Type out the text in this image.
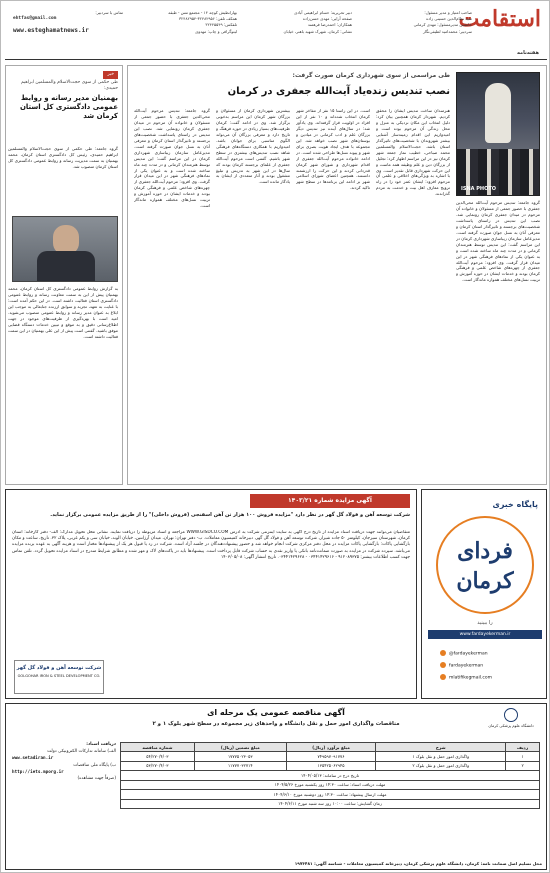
استقامت
هفته‌نامه
صاحب امتیاز و مدیر مسئول:
سید نظام‌الدین حسینی زاده
جانشین مدیرمسئول: مهدی کرمانی
سردبیر: محمدامید لطیفی‌نگار
دبیر تحریریه: حسام ابراهیمی آبادی
صفحه آرایی: مهدی حسن‌زاده
همکاران: احمدرضا فرهمند
نشانی: کرمان، شهرک شهید باهنر، خیابان
بهارانطیش کوچه ۱۴ - مجتمع مس - طبقه
همکف تلفن: ۳۲۴۸۲۹۵۶-۳۲۴۸۲۹۵۴
تلفکس: ۳۲۴۴۵۵۴۹
لیتوگرافی و چاپ: مهدوی
تماس با سردبیر:
ehtfas@gmail.com
www.esteghamatnews.ir
ISNA PHOTO
طی مراسمی از سوی شهرداری کرمان صورت گرفت:
نصب تندیس زنده‌یاد آیت‌الله جعفری در کرمان
گروه جامعه: تندیس مرحوم آیت‌الله محی‌الدین جعفری با حضور جمعی از مسئولان و خانواده آن مرحوم در میدان جعفری کرمان رونمایی شد. نصب این تندیس در راستای پاسداشت شخصیت‌های برجسته و تاثیرگذار استان کرمان و معرفی آنان به نسل جوان صورت گرفته است. مدیرعامل سازمان زیباسازی شهرداری کرمان در این مراسم گفت: این تندیس توسط هنرمندان کرمانی و در مدت چند ماه ساخته شده است و به عنوان یکی از نمادهای فرهنگی شهر در این میدان قرار گرفت. وی افزود: مرحوم آیت‌الله جعفری از چهره‌های شاخص علمی و فرهنگی کرمان بودند و خدمات ایشان در حوزه آموزش و تربیت نسل‌های مختلف همواره ماندگار است.
هنرمندان ساخت تندیس ایشان را محقق کردیم. شهردار کرمان همچنین بیان کرد: دلیل انتخاب این مکان نزدیکی به منزل و محل زندگی آن مرحوم بوده است و امیدواریم این اقدام زمینه‌ساز آشنایی بیشتر شهروندان با شخصیت‌های تاثیرگذار استان باشد. حجت‌الاسلام والمسلمین محمد صباحی، خطیب نماز جمعه شهر کرمان نیز در این مراسم اظهار کرد: تجلیل از بزرگان دین و علم وظیفه همه ماست و این حرکت شهرداری قابل تقدیر است. وی با اشاره به ویژگی‌های اخلاقی و علمی آن مرحوم افزود: ایشان عمر خود را در راه ترویج معارف اهل بیت و خدمت به مردم گذراندند.
است. در این راستا ۱۵ نفر از مفاخر شهر کرمان انتخاب شده‌اند و ۱۰ نفر از این افراد در اولویت قرار گرفته‌اند. وی یادآور شد: در سال‌های آینده نیز تندیس دیگر بزرگان علم و ادب کرمانی در میادین و بوستان‌های شهر نصب خواهد شد. این مجموعه با هدف ایجاد هویت بصری برای شهر و پیوند نسل‌ها طراحی شده است. در ادامه خانواده مرحوم آیت‌الله جعفری از اقدام شهرداری و شورای شهر کرمان قدردانی کردند و این حرکت را ارزشمند دانستند. همچنین اعضای شورای اسلامی شهر بر ادامه این برنامه‌ها در سطح شهر تاکید کردند.
بیشترین شهرداری کرمان از مسئولان و بزرگان شهر کرمان این مراسم به‌خوبی برگزار شد. وی در ادامه گفت: کرمان ظرفیت‌های بسیار زیادی در حوزه فرهنگ و تاریخ دارد و معرفی بزرگان آن می‌تواند الگوی مناسبی برای جوانان باشد. امیدواریم با همکاری دستگاه‌های فرهنگی شاهد نصب تندیس‌های بیشتری در سطح شهر باشیم. گفتنی است مرحوم آیت‌الله جعفری از علمای برجسته کرمان بودند که سال‌ها در این شهر به تدریس و تبلیغ مشغول بودند و آثار متعددی از ایشان به یادگار مانده است.
گروه جامعه: تندیس مرحوم آیت‌الله محی‌الدین جعفری با حضور جمعی از مسئولان و خانواده آن مرحوم در میدان جعفری کرمان رونمایی شد. نصب این تندیس در راستای پاسداشت شخصیت‌های برجسته و تاثیرگذار استان کرمان و معرفی آنان به نسل جوان صورت گرفته است. مدیرعامل سازمان زیباسازی شهرداری کرمان در این مراسم گفت: این تندیس توسط هنرمندان کرمانی و در مدت چند ماه ساخته شده است و به عنوان یکی از نمادهای فرهنگی شهر در این میدان قرار گرفت. وی افزود: مرحوم آیت‌الله جعفری از چهره‌های شاخص علمی و فرهنگی کرمان بودند و خدمات ایشان در حوزه آموزش و تربیت نسل‌های مختلف همواره ماندگار است.
خبر
طی حکمی از سوی حجت‌الاسلام والمسلمین ابراهیم حمیدی:
بهمنیان مدیر رسانه و روابط عمومی دادگستری کل استان کرمان شد
گروه جامعه: طی حکمی از سوی حجت‌الاسلام والمسلمین ابراهیم حمیدی، رئیس کل دادگستری استان کرمان، محمد بهمنیان به سمت مدیریت رسانه و روابط عمومی دادگستری کل استان کرمان منصوب شد.
به گزارش روابط عمومی دادگستری کل استان کرمان، محمد بهمنیان پیش از این به سمت معاونت رسانه و روابط عمومی دادگستری استان فعالیت داشته است. در این حکم آمده است: با عنایت به تعهد، تجربه و سوابق ارزنده جنابعالی به موجب این ابلاغ به عنوان مدیر رسانه و روابط عمومی منصوب می‌شوید. امید است با بهره‌گیری از ظرفیت‌های موجود در جهت اطلاع‌رسانی دقیق و به موقع و تبیین خدمات دستگاه قضایی موفق باشید. گفتنی است پیش از این علی بهمنیان در این سمت فعالیت داشته است.
آگهی مزایده شماره ۱۴۰۳/۲۱
شرکت توسعه آهن و فولاد گل گهر در نظر دارد "مزایده فروش ۱۰۰ هزار تن آهن اسفنجی (فروش داخلی)" را از طریق مزایده عمومی برگزار نماید.
متقاضیان می‌توانند جهت دریافت اسناد مزایده از تاریخ درج آگهی به سایت اینترنتی شرکت به آدرس WWW.GISDCO.COM مراجعه و اسناد مربوطه را دریافت نمایند. نشانی محل تحویل مدارک: الف- دفتر کارخانه: استان کرمان، شهرستان سیرجان، کیلومتر ۵۰ جاده شیراز، شرکت توسعه آهن و فولاد گل گهر، دبیرخانه کمیسیون معاملات. ب- دفتر تهران: تهران، میدان آرژانتین، خیابان الوند، خیابان سی و یکم غربی، پلاک ۳۲. تاریخ، ساعت و مکان بازگشایی پاکات: بازگشایی پاکات مزایده در محل دفتر مرکزی شرکت انجام خواهد شد و حضور پیشنهاددهندگان در جلسه آزاد است. شرکت در رد یا قبول هر یک از پیشنهادها مختار است و هزینه آگهی به عهده برنده مزایده می‌باشد. سپرده شرکت در مزایده به صورت ضمانت‌نامه بانکی یا واریز نقدی به حساب شرکت قابل پرداخت است. پیشنهادها باید در پاکت‌های لاک و مهر شده و مطابق شرایط مندرج در اسناد مزایده تحویل گردد. تلفن تماس جهت کسب اطلاعات بیشتر: ۹۱۲۰۸۹۳۷۵ - ۰۳۴۴۱۴۲۹۶۱۶ - ۰۳۴۴۱۴۲۹۶۲۸. تاریخ انتشار آگهی: ۱۴۰۳/۰۵/۰۸
شرکت توسعه آهن و فولاد گل گهر
GOLGOHAR IRON & STEEL DEVELOPMENT CO.
پایگاه خبری
فردای کرمان
را ببینید
www.fardayekerman.ir
@fardayekerman
fardayekerman
mlatifikegmail.com
دانشگاه علوم پزشکی کرمان
آگهی مناقصه عمومی یک مرحله ای
مناقصات واگذاری امور حمل و نقل دانشگاه و واحدهای زیر مجموعه در سطح شهر بلوک ۱ و ۲
ردیف	شرح	مبلغ برآورد (ریال)	مبلغ تضمین (ریال)	شماره مناقصه
۱	واگذاری امور حمل و نقل بلوک ۱	۷۴۹۵۹۷۰۹۱۷۷۶	۱۷۷۷۵۰۲۳۰۵۳	۵۴/۲۷۰/۴/۰۳
۲	واگذاری امور حمل و نقل بلوک ۲	۱۳۵۴۲۵۰۶۲۹۴۵	۱۱۷۷۷۰۳۲۷۱۴	۵۳/۲۷۰/۴/۰۳
تاریخ درج در سامانه: ۱۴۰۴/۰۵/۱۳				
مهلت دریافت اسناد: ساعت ۱۴:۳۰ روز یکشنبه مورخ ۱۴۰۴/۵/۲۶				
مهلت ارسال پیشنهاد: ساعت ۱۴:۳۰ روز دوشنبه مورخ ۱۴۰۴/۶/۱۰				
زمان گشایش: ساعت ۱۰:۰۰ روز سه شنبه مورخ ۱۴۰۴/۶/۱۱				
دریافت اسناد:
الف) سامانه تدارکات الکترونیکی دولت
www.setadiran.ir
ب) پایگاه ملی مناقصات
http://iets.mporg.ir
(صرفاً جهت مشاهده)
محل تسلیم اصل ضمانت نامه: کرمان، دانشگاه علوم پزشکی کرمان، دبیرخانه کمیسیون معاملات - شناسه آگهی: ۱۹۷۳۴۸۱
